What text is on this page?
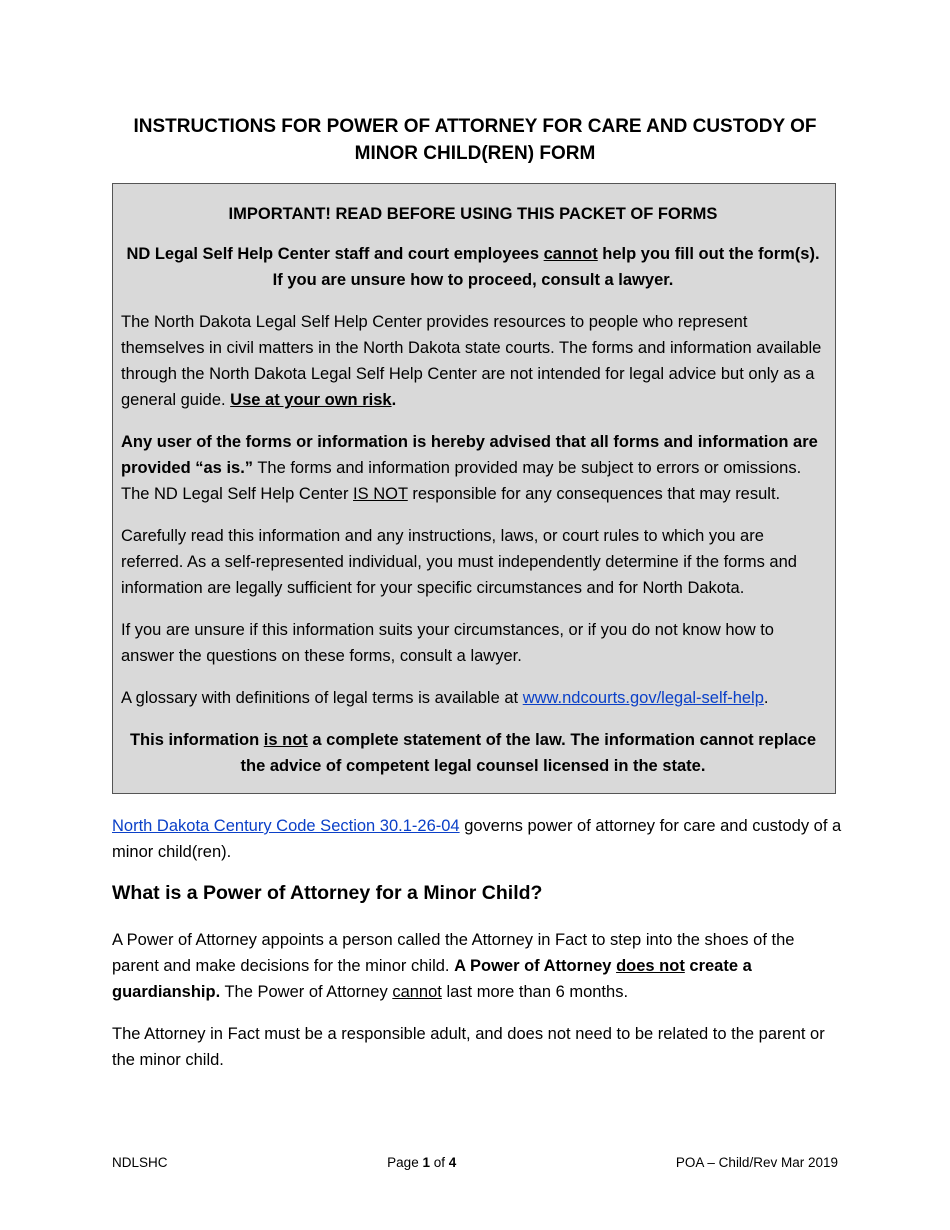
INSTRUCTIONS FOR POWER OF ATTORNEY FOR CARE AND CUSTODY OF MINOR CHILD(REN) FORM
IMPORTANT! READ BEFORE USING THIS PACKET OF FORMS
ND Legal Self Help Center staff and court employees cannot help you fill out the form(s). If you are unsure how to proceed, consult a lawyer.
The North Dakota Legal Self Help Center provides resources to people who represent themselves in civil matters in the North Dakota state courts. The forms and information available through the North Dakota Legal Self Help Center are not intended for legal advice but only as a general guide. Use at your own risk.
Any user of the forms or information is hereby advised that all forms and information are provided “as is.” The forms and information provided may be subject to errors or omissions. The ND Legal Self Help Center IS NOT responsible for any consequences that may result.
Carefully read this information and any instructions, laws, or court rules to which you are referred. As a self-represented individual, you must independently determine if the forms and information are legally sufficient for your specific circumstances and for North Dakota.
If you are unsure if this information suits your circumstances, or if you do not know how to answer the questions on these forms, consult a lawyer.
A glossary with definitions of legal terms is available at www.ndcourts.gov/legal-self-help.
This information is not a complete statement of the law. The information cannot replace the advice of competent legal counsel licensed in the state.
North Dakota Century Code Section 30.1-26-04 governs power of attorney for care and custody of a minor child(ren).
What is a Power of Attorney for a Minor Child?
A Power of Attorney appoints a person called the Attorney in Fact to step into the shoes of the parent and make decisions for the minor child. A Power of Attorney does not create a guardianship. The Power of Attorney cannot last more than 6 months.
The Attorney in Fact must be a responsible adult, and does not need to be related to the parent or the minor child.
NDLSHC	Page 1 of 4	POA – Child/Rev Mar 2019
